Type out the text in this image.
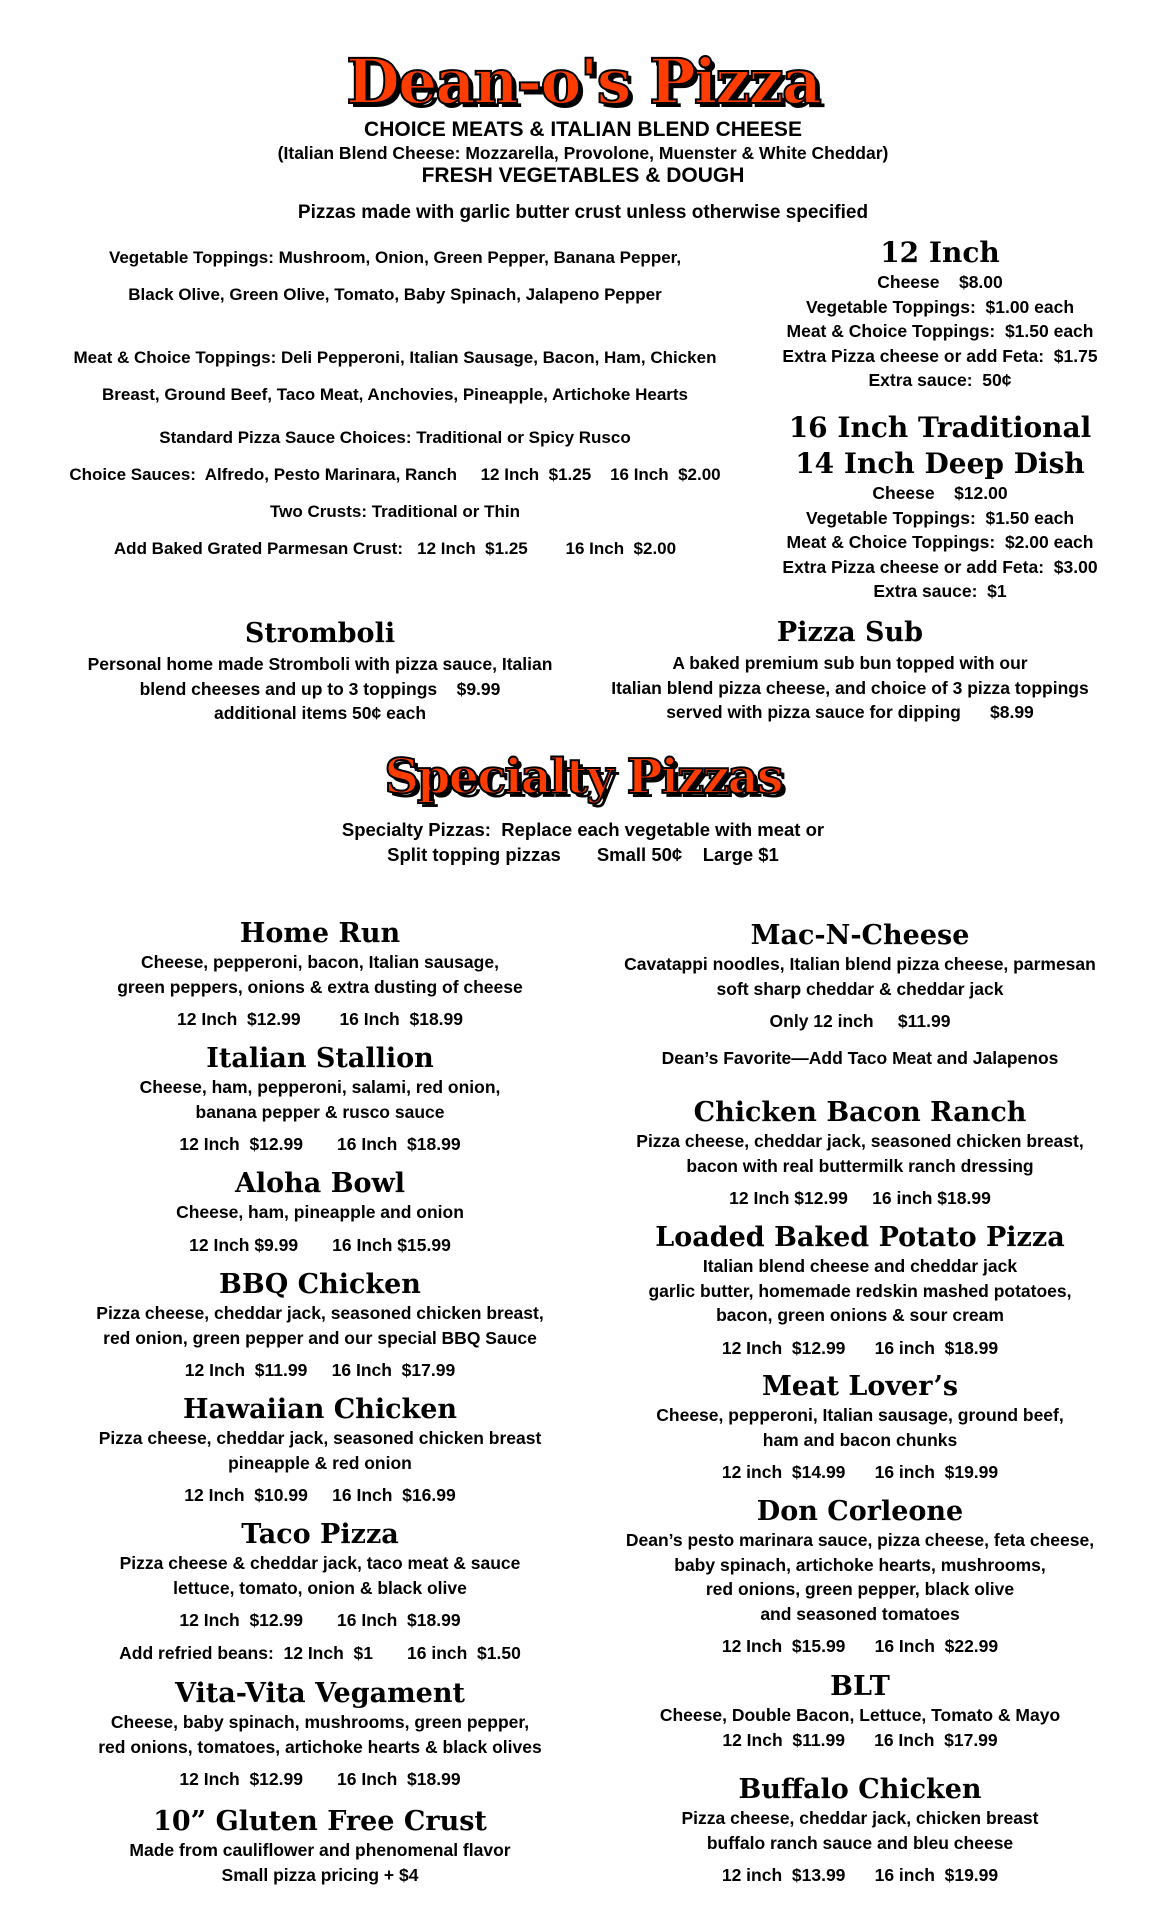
Dean-o's Pizza
CHOICE MEATS & ITALIAN BLEND CHEESE
(Italian Blend Cheese: Mozzarella, Provolone, Muenster & White Cheddar)
FRESH VEGETABLES & DOUGH
Pizzas made with garlic butter crust unless otherwise specified
Vegetable Toppings: Mushroom, Onion, Green Pepper, Banana Pepper,
Black Olive, Green Olive, Tomato, Baby Spinach, Jalapeno Pepper
Meat & Choice Toppings: Deli Pepperoni, Italian Sausage, Bacon, Ham, Chicken
Breast, Ground Beef, Taco Meat, Anchovies, Pineapple, Artichoke Hearts
Standard Pizza Sauce Choices: Traditional or Spicy Rusco
Choice Sauces:  Alfredo, Pesto Marinara, Ranch     12 Inch  $1.25    16 Inch  $2.00
Two Crusts: Traditional or Thin
Add Baked Grated Parmesan Crust:   12 Inch  $1.25        16 Inch  $2.00
12 Inch
Cheese    $8.00
Vegetable Toppings:  $1.00 each
Meat & Choice Toppings:  $1.50 each
Extra Pizza cheese or add Feta:  $1.75
Extra sauce:  50¢
16 Inch Traditional
14 Inch Deep Dish
Cheese    $12.00
Vegetable Toppings:  $1.50 each
Meat & Choice Toppings:  $2.00 each
Extra Pizza cheese or add Feta:  $3.00
Extra sauce:  $1
Stromboli
Personal home made Stromboli with pizza sauce, Italian
blend cheeses and up to 3 toppings    $9.99
additional items 50¢ each
Pizza Sub
A baked premium sub bun topped with our
Italian blend pizza cheese, and choice of 3 pizza toppings
served with pizza sauce for dipping      $8.99
Specialty Pizzas
Specialty Pizzas:  Replace each vegetable with meat or
Split topping pizzas       Small 50¢    Large $1
Home Run
Cheese, pepperoni, bacon, Italian sausage,
green peppers, onions & extra dusting of cheese
12 Inch  $12.99        16 Inch  $18.99
Italian Stallion
Cheese, ham, pepperoni, salami, red onion,
banana pepper & rusco sauce
12 Inch  $12.99       16 Inch  $18.99
Aloha Bowl
Cheese, ham, pineapple and onion
12 Inch $9.99       16 Inch $15.99
BBQ Chicken
Pizza cheese, cheddar jack, seasoned chicken breast,
red onion, green pepper and our special BBQ Sauce
12 Inch  $11.99     16 Inch  $17.99
Hawaiian Chicken
Pizza cheese, cheddar jack, seasoned chicken breast
pineapple & red onion
12 Inch  $10.99     16 Inch  $16.99
Taco Pizza
Pizza cheese & cheddar jack, taco meat & sauce
lettuce, tomato, onion & black olive
12 Inch  $12.99       16 Inch  $18.99
Add refried beans:  12 Inch  $1       16 inch  $1.50
Vita-Vita Vegament
Cheese, baby spinach, mushrooms, green pepper,
red onions, tomatoes, artichoke hearts & black olives
12 Inch  $12.99       16 Inch  $18.99
10” Gluten Free Crust
Made from cauliflower and phenomenal flavor
Small pizza pricing + $4
Mac-N-Cheese
Cavatappi noodles, Italian blend pizza cheese, parmesan
soft sharp cheddar & cheddar jack
Only 12 inch     $11.99
Dean’s Favorite—Add Taco Meat and Jalapenos
Chicken Bacon Ranch
Pizza cheese, cheddar jack, seasoned chicken breast,
bacon with real buttermilk ranch dressing
12 Inch $12.99     16 inch $18.99
Loaded Baked Potato Pizza
Italian blend cheese and cheddar jack
garlic butter, homemade redskin mashed potatoes,
bacon, green onions & sour cream
12 Inch  $12.99      16 inch  $18.99
Meat Lover’s
Cheese, pepperoni, Italian sausage, ground beef,
ham and bacon chunks
12 inch  $14.99      16 inch  $19.99
Don Corleone
Dean’s pesto marinara sauce, pizza cheese, feta cheese,
baby spinach, artichoke hearts, mushrooms,
red onions, green pepper, black olive
and seasoned tomatoes
12 Inch  $15.99      16 Inch  $22.99
BLT
Cheese, Double Bacon, Lettuce, Tomato & Mayo
12 Inch  $11.99      16 Inch  $17.99
Buffalo Chicken
Pizza cheese, cheddar jack, chicken breast
buffalo ranch sauce and bleu cheese
12 inch  $13.99      16 inch  $19.99
